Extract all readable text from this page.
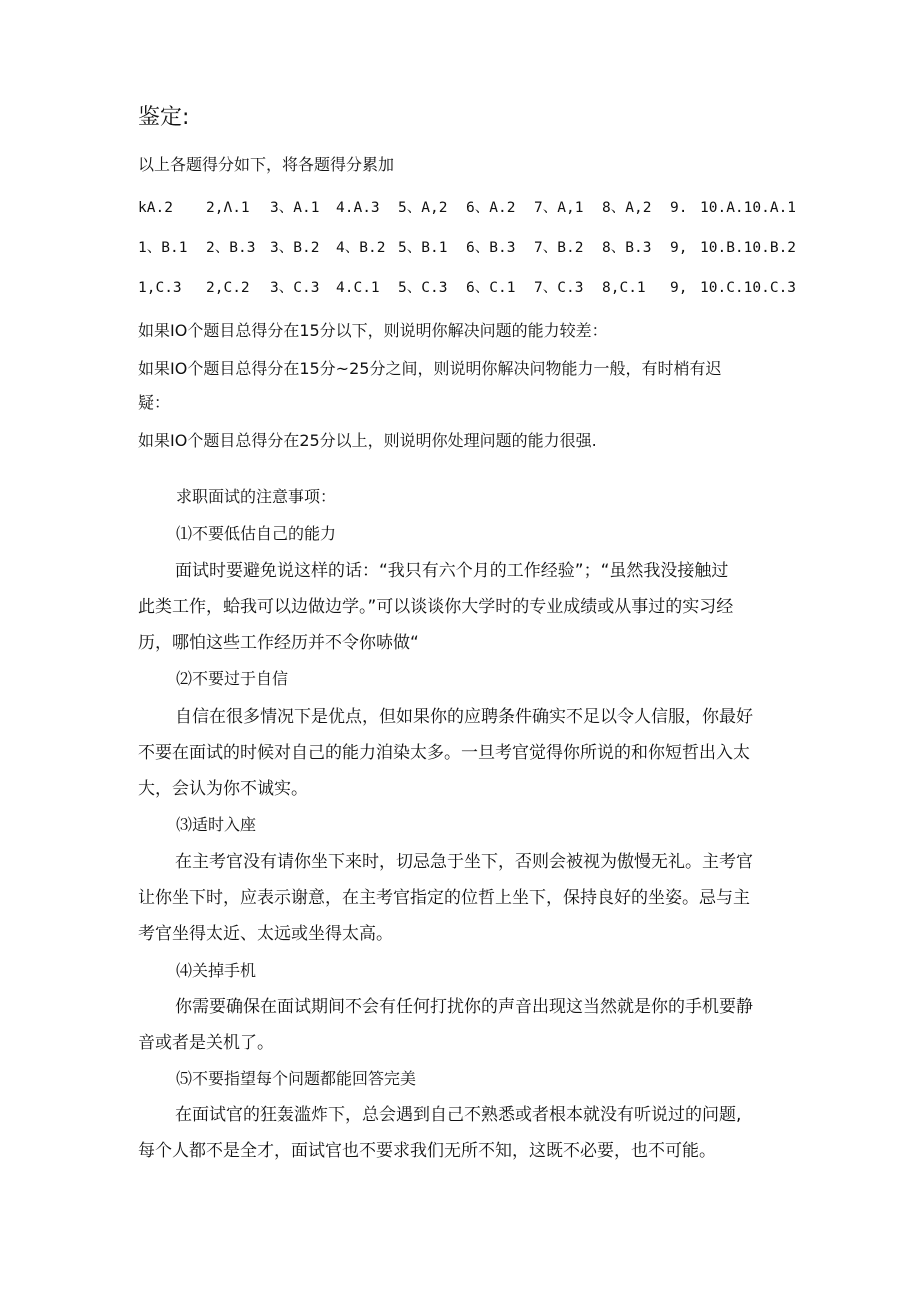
鉴定:
以上各题得分如下，将各题得分累加
kA.2 2,Λ.1 3、A.1 4.A.3 5、A,2 6、A.2 7、A,1 8、A,2 9. 10.A.10.A.1
1、B.1 2、B.3 3、B.2 4、B.2 5、B.1 6、B.3 7、B.2 8、B.3 9, 10.B.10.B.2
1,C.3 2,C.2 3、C.3 4.C.1 5、C.3 6、C.1 7、C.3 8,C.1 9, 10.C.10.C.3
如果IO个题目总得分在15分以下，则说明你解决问题的能力较差：
如果IO个题目总得分在15分~25分之间，则说明你解决问物能力一般，有时梢有迟
疑：
如果IO个题目总得分在25分以上，则说明你处理问题的能力很强.
求职面试的注意事项：
⑴不要低估自己的能力
面试时要避免说这样的话：“我只有六个月的工作经验”；“虽然我没接触过
此类工作，蛤我可以边做边学。”可以谈谈你大学时的专业成绩或从事过的实习经
历，哪怕这些工作经历并不令你哧做“
⑵不要过于自信
自信在很多情况下是优点，但如果你的应聘条件确实不足以令人信服，你最好
不要在面试的时候对自己的能力洎染太多。一旦考官觉得你所说的和你短哲出入太
大，会认为你不诚实。
⑶适时入座
在主考官没有请你坐下来时，切忌急于坐下，否则会被视为傲慢无礼。主考官
让你坐下时，应表示谢意，在主考官指定的位哲上坐下，保持良好的坐姿。忌与主
考官坐得太近、太远或坐得太高。
⑷关掉手机
你需要确保在面试期间不会有任何打扰你的声音出现这当然就是你的手机要静
音或者是关机了。
⑸不要指望每个问题都能回答完美
在面试官的狂轰滥炸下，总会遇到自己不熟悉或者根本就没有听说过的问题,
每个人都不是全才，面试官也不要求我们无所不知，这既不必要，也不可能。
